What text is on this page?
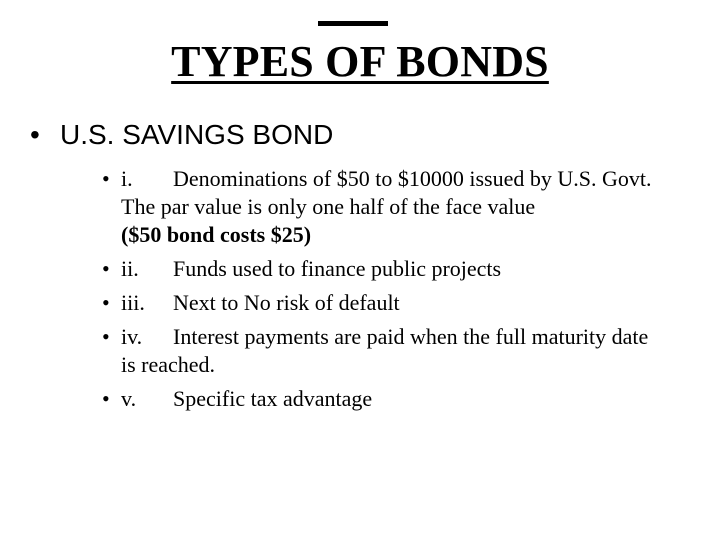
TYPES OF BONDS
• U.S. SAVINGS BOND
• i. Denominations of $50 to $10000 issued by U.S. Govt. The par value is only one half of the face value
($50 bond costs $25)
• ii. Funds used to finance public projects
• iii. Next to No risk of default
• iv. Interest payments are paid when the full maturity date is reached.
• v. Specific tax advantage
